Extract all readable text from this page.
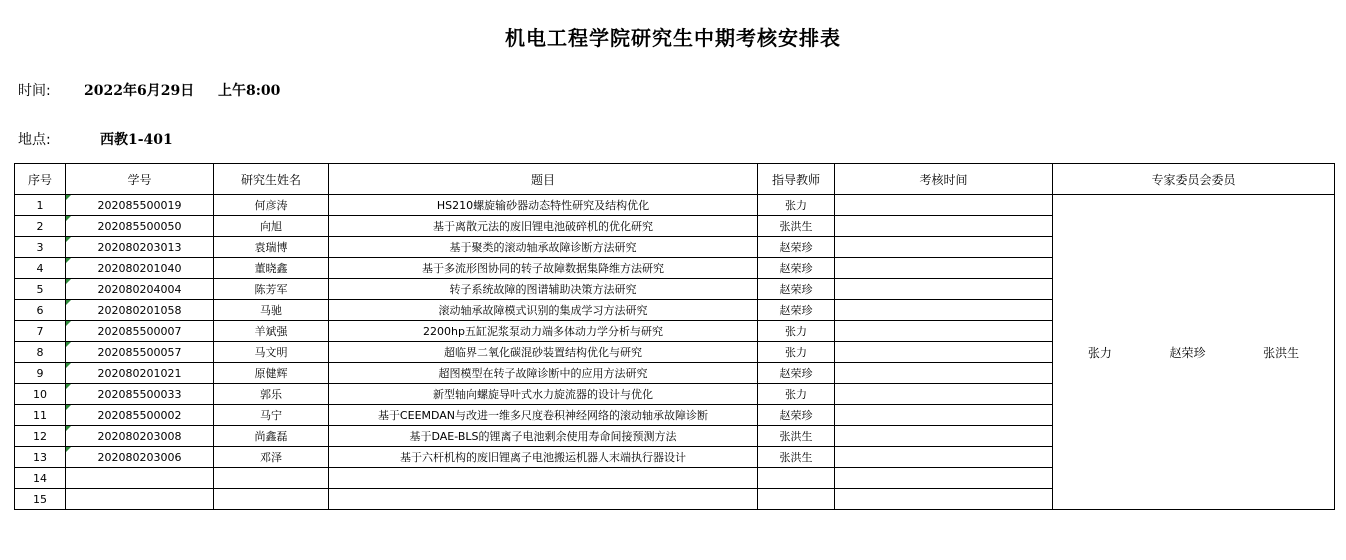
机电工程学院研究生中期考核安排表
时间: 2022年6月29日 上午8:00
地点:	西教1-401
序号	学号	研究生姓名	题目	指导教师	考核时间	专家委员会委员
1	202085500019	何彦涛	HS210螺旋输砂器动态特性研究及结构优化	张力		张力 赵荣珍 张洪生

2	202085500050	向旭	基于离散元法的废旧锂电池破碎机的优化研究	张洪生		
3	202080203013	袁瑞博	基于聚类的滚动轴承故障诊断方法研究	赵荣珍		
4	202080201040	董晓鑫	基于多流形图协同的转子故障数据集降维方法研究	赵荣珍		
5	202080204004	陈芳军	转子系统故障的图谱辅助决策方法研究	赵荣珍		
6	202080201058	马驰	滚动轴承故障模式识别的集成学习方法研究	赵荣珍		
7	202085500007	羊斌强	2200hp五缸泥浆泵动力端多体动力学分析与研究	张力		
8	202085500057	马文明	超临界二氧化碳混砂装置结构优化与研究	张力		
9	202080201021	原健辉	超图模型在转子故障诊断中的应用方法研究	赵荣珍		
10	202085500033	郭乐	新型轴向螺旋导叶式水力旋流器的设计与优化	张力		
11	202085500002	马宁	基于CEEMDAN与改进一维多尺度卷积神经网络的滚动轴承故障诊断	赵荣珍		
12	202080203008	尚鑫磊	基于DAE-BLS的锂离子电池剩余使用寿命间接预测方法	张洪生		
13	202080203006	邓泽	基于六杆机构的废旧锂离子电池搬运机器人末端执行器设计	张洪生		
14						
15						
